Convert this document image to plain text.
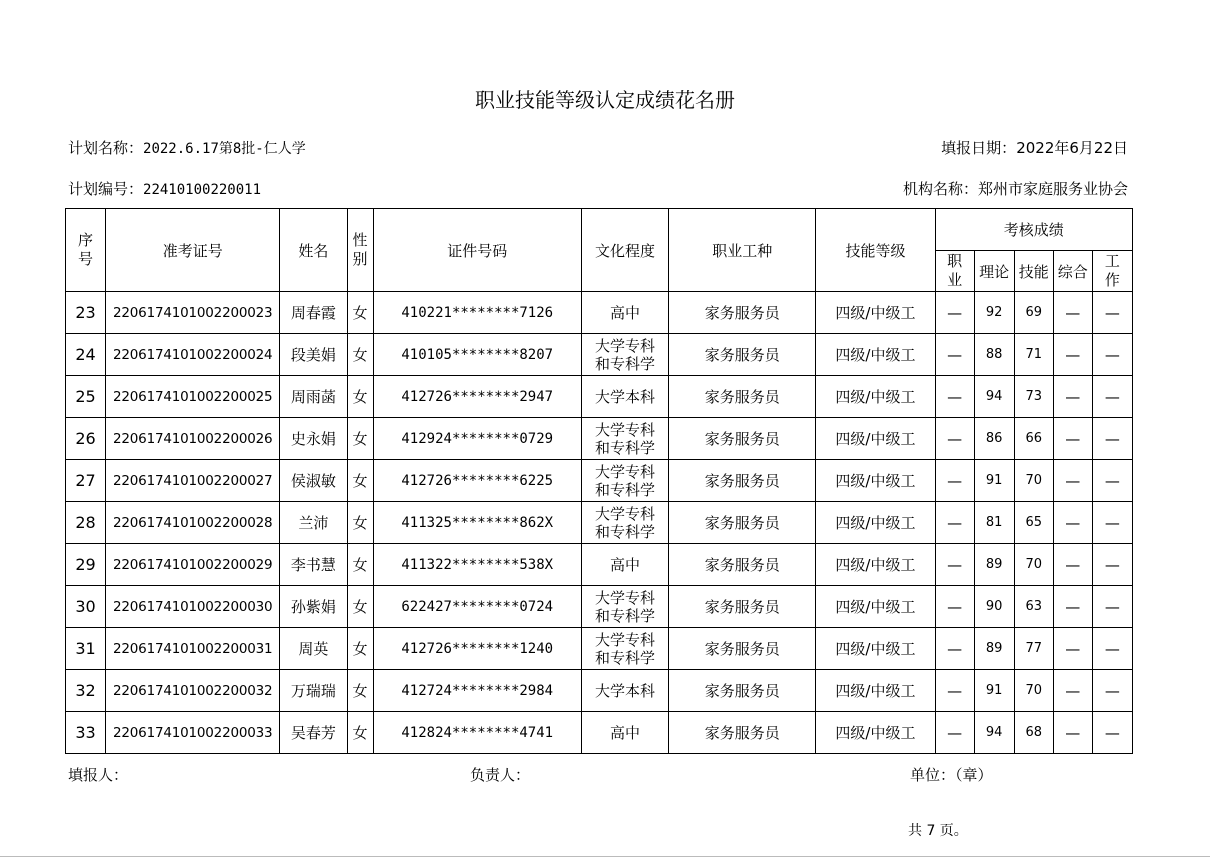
职业技能等级认定成绩花名册
计划名称：2022.6.17第8批-仁人学	填报日期：2022年6月22日
计划编号：22410100220011	机构名称：郑州市家庭服务业协会
序号	准考证号	姓名	性别	证件号码	文化程度	职业工种	技能等级	考核成绩				
								职业	理论	技能	综合	工作
23	2206174101002200023	周春霞	女	410221********7126	高中	家务服务员	四级/中级工	—	92	69	—	—
24	2206174101002200024	段美娟	女	410105********8207	大学专科和专科学	家务服务员	四级/中级工	—	88	71	—	—
25	2206174101002200025	周雨菡	女	412726********2947	大学本科	家务服务员	四级/中级工	—	94	73	—	—
26	2206174101002200026	史永娟	女	412924********0729	大学专科和专科学	家务服务员	四级/中级工	—	86	66	—	—
27	2206174101002200027	侯淑敏	女	412726********6225	大学专科和专科学	家务服务员	四级/中级工	—	91	70	—	—
28	2206174101002200028	兰沛	女	411325********862X	大学专科和专科学	家务服务员	四级/中级工	—	81	65	—	—
29	2206174101002200029	李书慧	女	411322********538X	高中	家务服务员	四级/中级工	—	89	70	—	—
30	2206174101002200030	孙紫娟	女	622427********0724	大学专科和专科学	家务服务员	四级/中级工	—	90	63	—	—
31	2206174101002200031	周英	女	412726********1240	大学专科和专科学	家务服务员	四级/中级工	—	89	77	—	—
32	2206174101002200032	万瑞瑞	女	412724********2984	大学本科	家务服务员	四级/中级工	—	91	70	—	—
33	2206174101002200033	吴春芳	女	412824********4741	高中	家务服务员	四级/中级工	—	94	68	—	—
填报人：	负责人：	单位：（章）
共 7 页。
